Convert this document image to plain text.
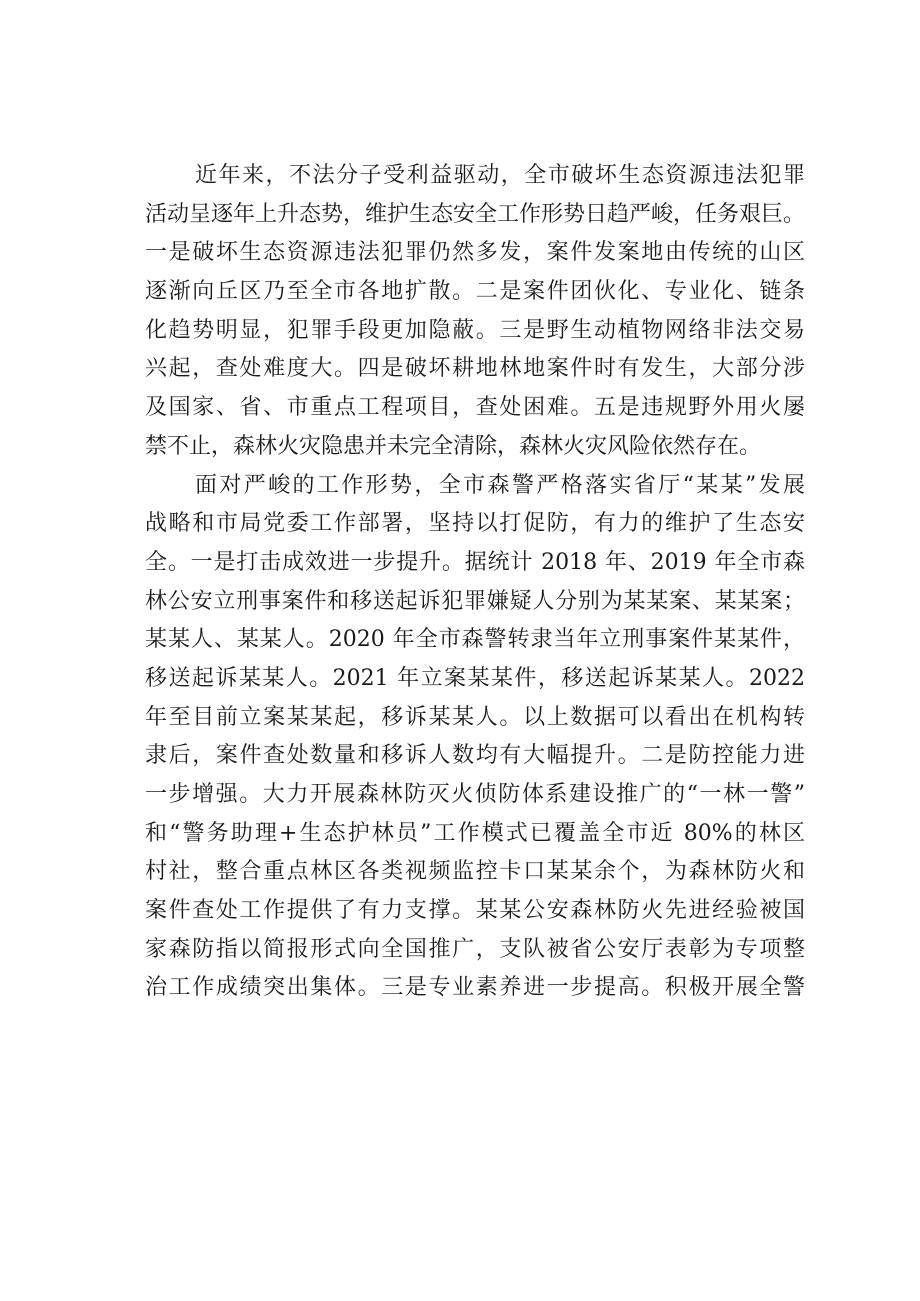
近年来，不法分子受利益驱动，全市破坏生态资源违法犯罪
活动呈逐年上升态势，维护生态安全工作形势日趋严峻，任务艰巨。
一是破坏生态资源违法犯罪仍然多发，案件发案地由传统的山区
逐渐向丘区乃至全市各地扩散。二是案件团伙化、专业化、链条
化趋势明显，犯罪手段更加隐蔽。三是野生动植物网络非法交易
兴起，查处难度大。四是破坏耕地林地案件时有发生，大部分涉
及国家、省、市重点工程项目，查处困难。五是违规野外用火屡
禁不止，森林火灾隐患并未完全清除，森林火灾风险依然存在。
面对严峻的工作形势，全市森警严格落实省厅“某某”发展
战略和市局党委工作部署，坚持以打促防，有力的维护了生态安
全。一是打击成效进一步提升。据统计 2018 年、2019 年全市森
林公安立刑事案件和移送起诉犯罪嫌疑人分别为某某案、某某案；
某某人、某某人。2020 年全市森警转隶当年立刑事案件某某件，
移送起诉某某人。2021 年立案某某件，移送起诉某某人。2022
年至目前立案某某起，移诉某某人。以上数据可以看出在机构转
隶后，案件查处数量和移诉人数均有大幅提升。二是防控能力进
一步增强。大力开展森林防灭火侦防体系建设推广的“一林一警”
和“警务助理+生态护林员”工作模式已覆盖全市近 80%的林区
村社，整合重点林区各类视频监控卡口某某余个，为森林防火和
案件查处工作提供了有力支撑。某某公安森林防火先进经验被国
家森防指以简报形式向全国推广，支队被省公安厅表彰为专项整
治工作成绩突出集体。三是专业素养进一步提高。积极开展全警
